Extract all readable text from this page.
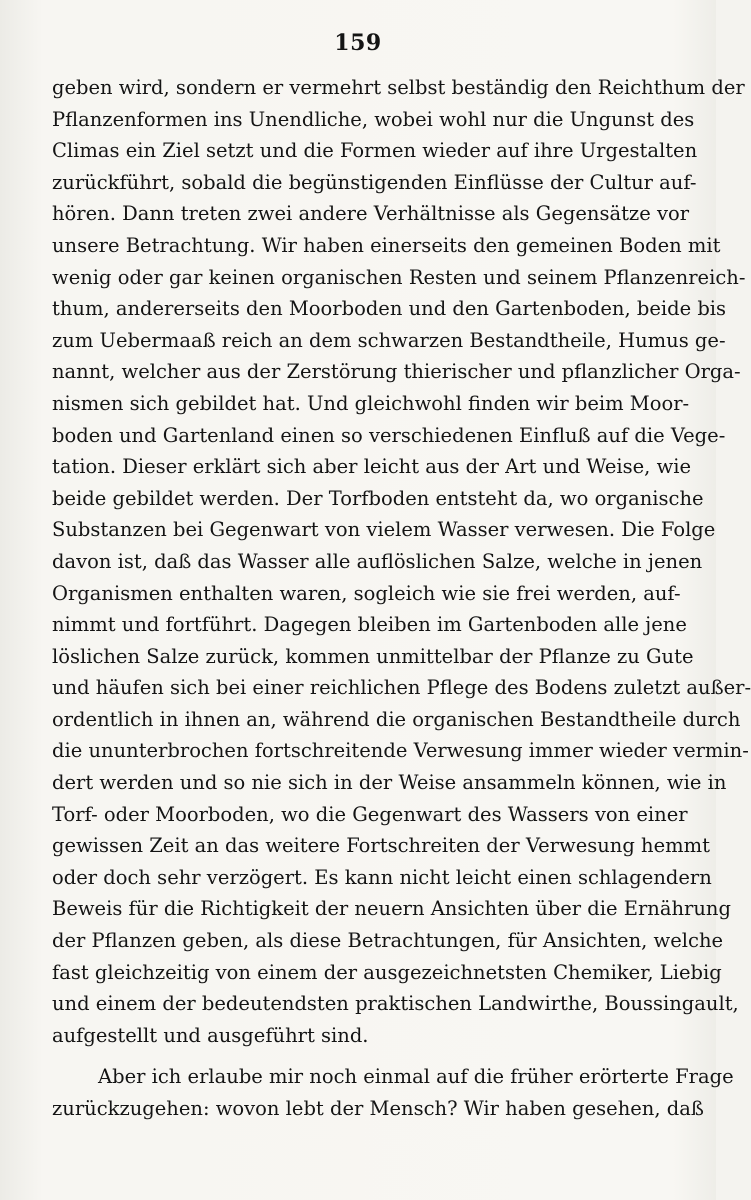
159
geben wird, sondern er vermehrt selbst beständig den Reichthum der
Pflanzenformen ins Unendliche, wobei wohl nur die Ungunst des
Climas ein Ziel setzt und die Formen wieder auf ihre Urgestalten
zurückführt, sobald die begünstigenden Einflüsse der Cultur auf-
hören. Dann treten zwei andere Verhältnisse als Gegensätze vor
unsere Betrachtung. Wir haben einerseits den gemeinen Boden mit
wenig oder gar keinen organischen Resten und seinem Pflanzenreich-
thum, andererseits den Moorboden und den Gartenboden, beide bis
zum Uebermaaß reich an dem schwarzen Bestandtheile, Humus ge-
nannt, welcher aus der Zerstörung thierischer und pflanzlicher Orga-
nismen sich gebildet hat. Und gleichwohl finden wir beim Moor-
boden und Gartenland einen so verschiedenen Einfluß auf die Vege-
tation. Dieser erklärt sich aber leicht aus der Art und Weise, wie
beide gebildet werden. Der Torfboden entsteht da, wo organische
Substanzen bei Gegenwart von vielem Wasser verwesen. Die Folge
davon ist, daß das Wasser alle auflöslichen Salze, welche in jenen
Organismen enthalten waren, sogleich wie sie frei werden, auf-
nimmt und fortführt. Dagegen bleiben im Gartenboden alle jene
löslichen Salze zurück, kommen unmittelbar der Pflanze zu Gute
und häufen sich bei einer reichlichen Pflege des Bodens zuletzt außer-
ordentlich in ihnen an, während die organischen Bestandtheile durch
die ununterbrochen fortschreitende Verwesung immer wieder vermin-
dert werden und so nie sich in der Weise ansammeln können, wie in
Torf- oder Moorboden, wo die Gegenwart des Wassers von einer
gewissen Zeit an das weitere Fortschreiten der Verwesung hemmt
oder doch sehr verzögert. Es kann nicht leicht einen schlagendern
Beweis für die Richtigkeit der neuern Ansichten über die Ernährung
der Pflanzen geben, als diese Betrachtungen, für Ansichten, welche
fast gleichzeitig von einem der ausgezeichnetsten Chemiker, Liebig
und einem der bedeutendsten praktischen Landwirthe, Boussingault,
aufgestellt und ausgeführt sind.
Aber ich erlaube mir noch einmal auf die früher erörterte Frage
zurückzugehen: wovon lebt der Mensch? Wir haben gesehen, daß
